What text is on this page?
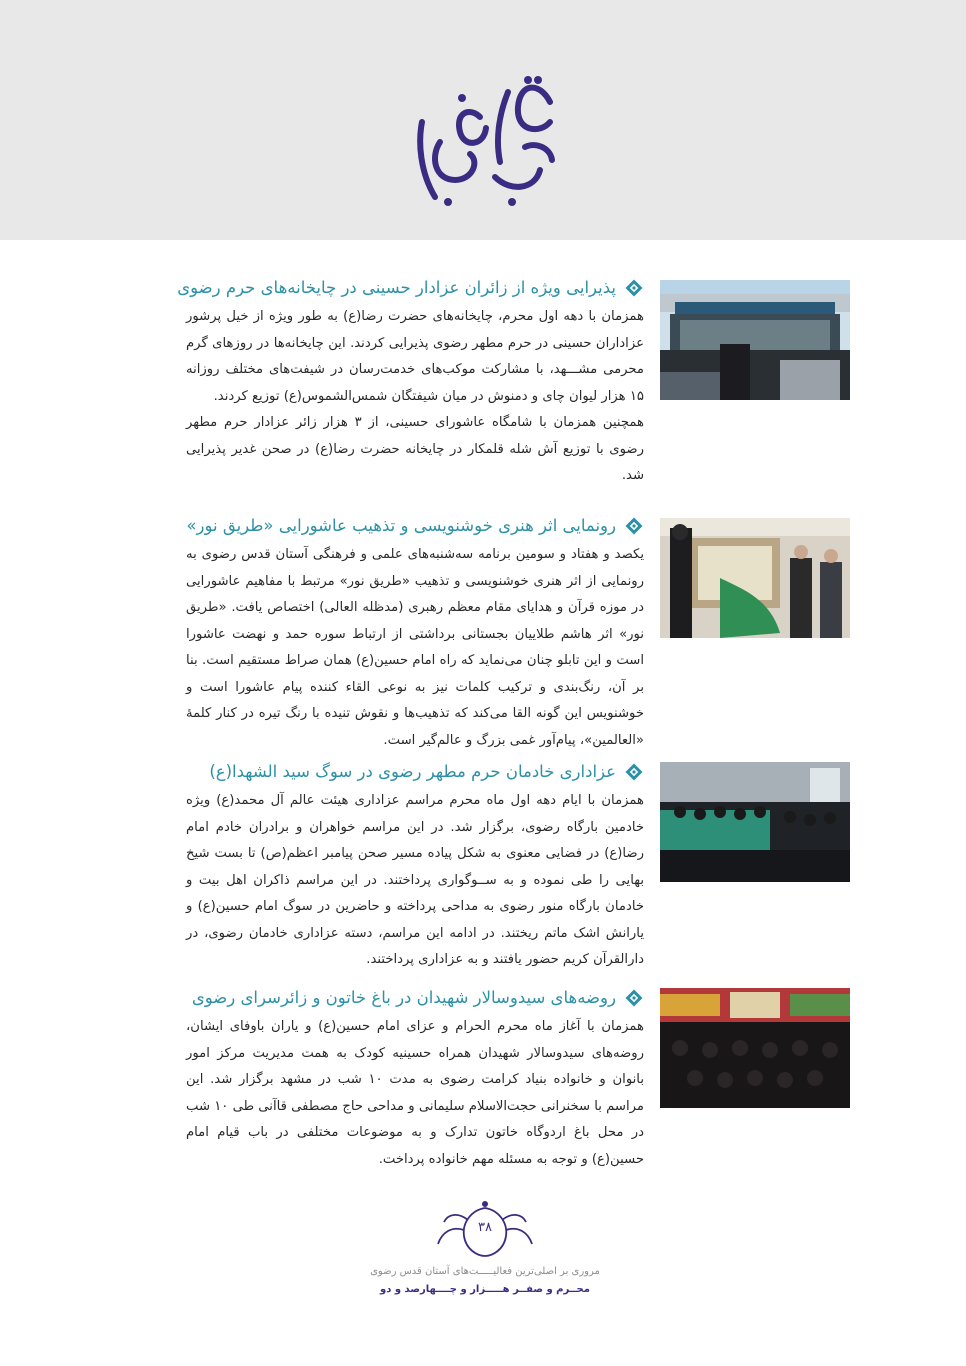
پذیرایی ویژه از زائران عزادار حسینی در چایخانه‌های حرم رضوی

همزمان با دهه اول محرم، چایخانه‌های حضرت رضا(ع) به طور ویژه از خیل پرشور عزاداران حسینی در حرم مطهر رضوی پذیرایی کردند. این چایخانه‌ها در روزهای گرم محرمی مشـــهد، با مشارکت موکب‌های خدمت‌رسان در شیفت‌های مختلف روزانه ۱۵ هزار لیوان چای و دمنوش در میان شیفتگان شمس‌الشموس(ع) توزیع کردند.

همچنین همزمان با شامگاه عاشورای حسینی، از ۳ هزار زائر عزادار حرم مطهر رضوی با توزیع آش شله قلمکار در چایخانه حضرت رضا(ع) در صحن غدیر پذیرایی شد.

رونمایی اثر هنری خوشنویسی و تذهیب عاشورایی «طریق نور»

یکصد و هفتاد و سومین برنامه سه‌شنبه‌های علمی و فرهنگی آستان قدس رضوی به رونمایی از اثر هنری خوشنویسی و تذهیب «طریق نور» مرتبط با مفاهیم عاشورایی در موزه قرآن و هدایای مقام معظم رهبری (مدظله العالی) اختصاص یافت. «طریق نور» اثر هاشم طلاییان بجستانی برداشتی از ارتباط سوره حمد و نهضت عاشورا است و این تابلو چنان می‌نماید که راه امام حسین(ع) همان صراط مستقیم است. بنا بر آن، رنگ‌بندی و ترکیب کلمات نیز به نوعی القاء کننده پیام عاشورا است و خوشنویس این گونه القا می‌کند که تذهیب‌ها و نقوش تنیده با رنگ تیره در کنار کلمهٔ «العالمین»، پیام‌آور غمی بزرگ و عالم‌گیر است.

عزاداری خادمان حرم مطهر رضوی در سوگ سید الشهدا(ع)

همزمان با ایام دهه اول ماه محرم مراسم عزاداری هیئت عالم آل محمد(ع) ویژه خادمین بارگاه رضوی، برگزار شد. در این مراسم خواهران و برادران خادم امام رضا(ع) در فضایی معنوی به شکل پیاده مسیر صحن پیامبر اعظم(ص) تا بست شیخ بهایی را طی نموده و به ســوگواری پرداختند. در این مراسم ذاکران اهل بیت و خادمان بارگاه منور رضوی به مداحی پرداخته و حاضرین در سوگ امام حسین(ع) و یارانش اشک ماتم ریختند. در ادامه این مراسم، دسته عزاداری خادمان رضوی، در دارالقرآن کریم حضور یافتند و به عزاداری پرداختند.

روضه‌های سیدوسالار شهیدان در باغ خاتون و زائرسرای رضوی

همزمان با آغاز ماه محرم الحرام و عزای امام حسین(ع) و یاران باوفای ایشان، روضه‌های سیدوسالار شهیدان همراه حسینیه کودک به همت مدیریت مرکز امور بانوان و خانواده بنیاد کرامت رضوی به مدت ۱۰ شب در مشهد برگزار شد. این مراسم با سخنرانی حجت‌الاسلام سلیمانی و مداحی حاج مصطفی قاآنی طی ۱۰ شب در محل باغ اردوگاه خاتون تدارک و به موضوعات مختلفی در باب قیام امام حسین(ع) و توجه به مسئله مهم خانواده پرداخت.

۳۸
مروری بر اصلی‌ترین فعالیـــــت‌های آستان قدس رضوی
محــرم و صفــر هـــــزار و چــــهارصد و دو
